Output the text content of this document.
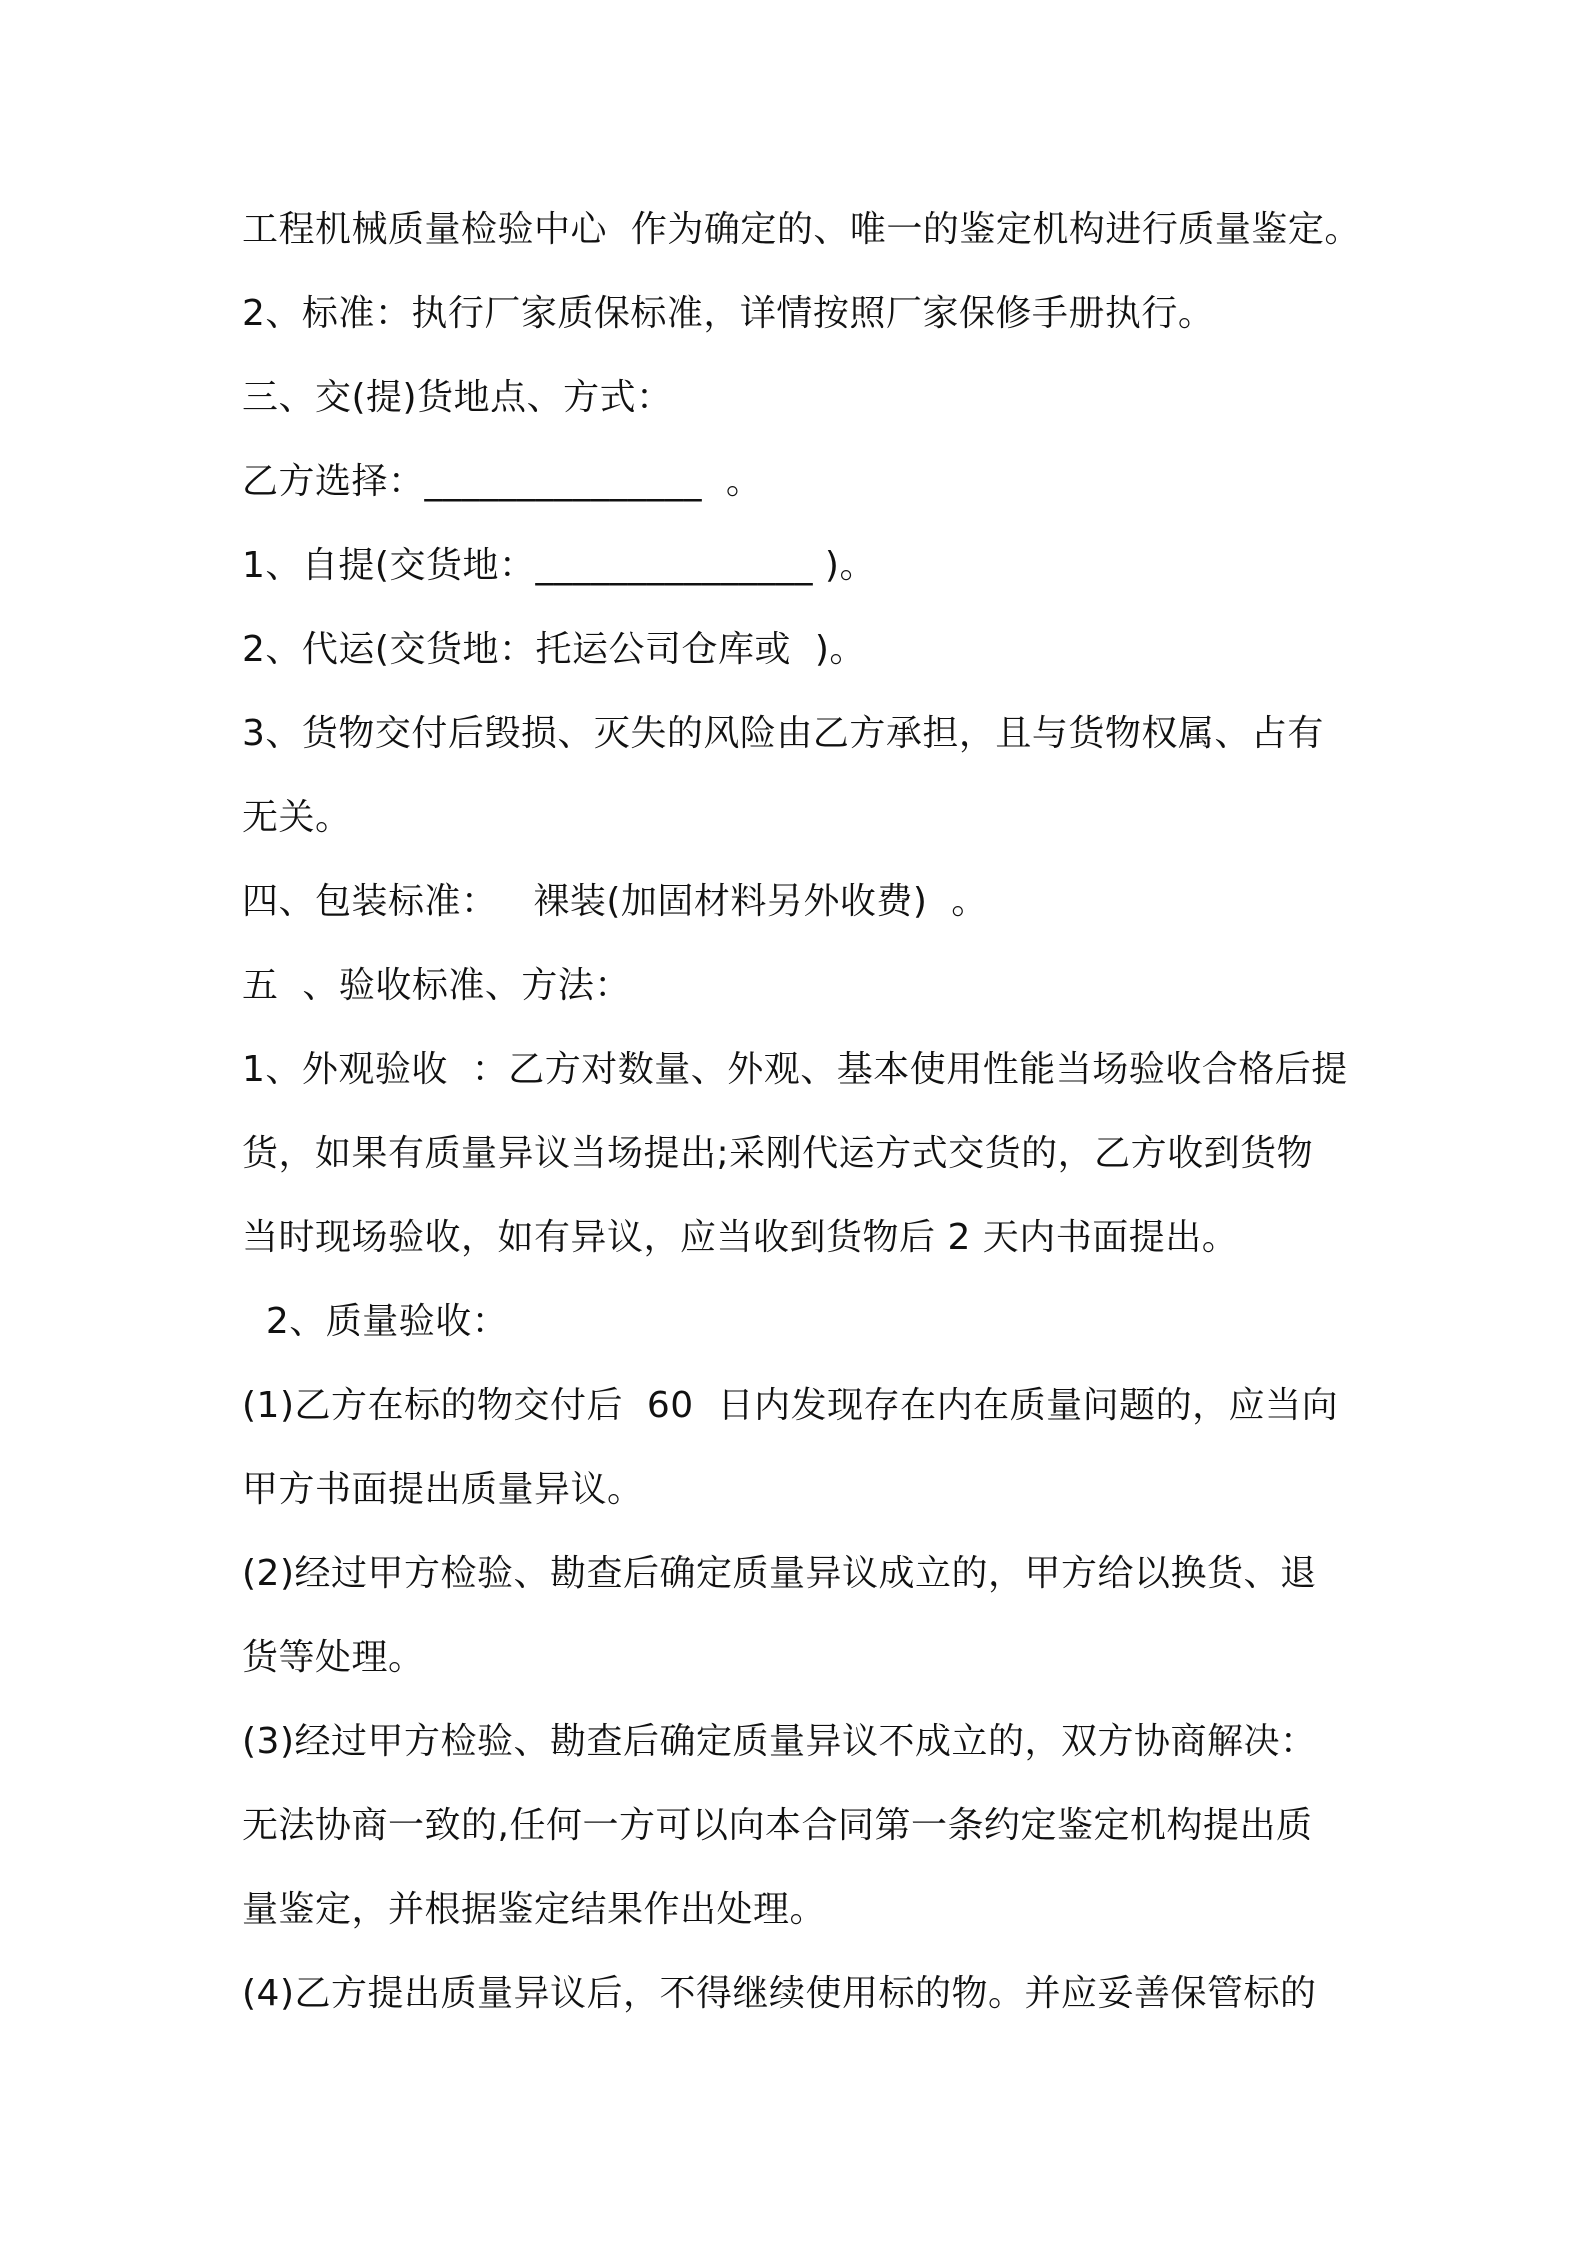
工程机械质量检验中心  作为确定的、唯一的鉴定机构进行质量鉴定。
2、标准：执行厂家质保标准，详情按照厂家保修手册执行。
三、交(提)货地点、方式：
乙方选择：_______________  。
1、自提(交货地：_______________ )。
2、代运(交货地：托运公司仓库或  )。
3、货物交付后毁损、灭失的风险由乙方承担，且与货物权属、占有
无关。
四、包装标准：   裸装(加固材料另外收费)  。
五  、验收标准、方法：
1、外观验收  ：乙方对数量、外观、基本使用性能当场验收合格后提
货，如果有质量异议当场提出;采刚代运方式交货的，乙方收到货物
当时现场验收，如有异议，应当收到货物后 2 天内书面提出。
2、质量验收：
(1)乙方在标的物交付后  60  日内发现存在内在质量问题的，应当向
甲方书面提出质量异议。
(2)经过甲方检验、勘查后确定质量异议成立的，甲方给以换货、退
货等处理。
(3)经过甲方检验、勘查后确定质量异议不成立的，双方协商解决：
无法协商一致的,任何一方可以向本合同第一条约定鉴定机构提出质
量鉴定，并根据鉴定结果作出处理。
(4)乙方提出质量异议后，不得继续使用标的物。并应妥善保管标的
